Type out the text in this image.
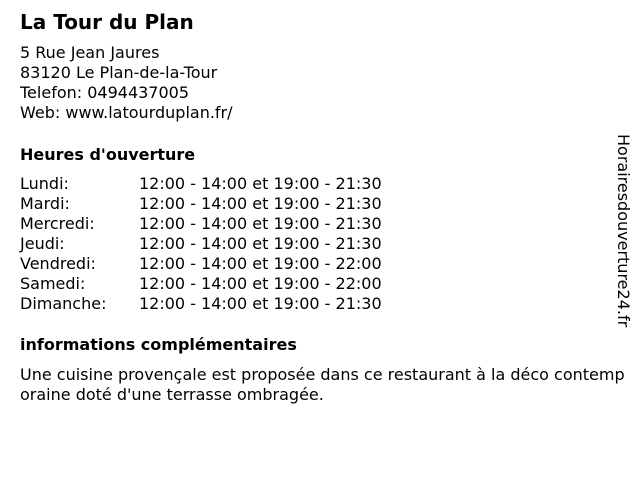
La Tour du Plan
5 Rue Jean Jaures
83120 Le Plan-de-la-Tour
Telefon: 0494437005
Web: www.latourduplan.fr/
Heures d'ouverture
Lundi:	12:00 - 14:00 et 19:00 - 21:30
Mardi:	12:00 - 14:00 et 19:00 - 21:30
Mercredi:	12:00 - 14:00 et 19:00 - 21:30
Jeudi:	12:00 - 14:00 et 19:00 - 21:30
Vendredi:	12:00 - 14:00 et 19:00 - 22:00
Samedi:	12:00 - 14:00 et 19:00 - 22:00
Dimanche:	12:00 - 14:00 et 19:00 - 21:30
informations complémentaires
Une cuisine provençale est proposée dans ce restaurant à la déco contemporaine doté d'une terrasse ombragée.
Horairesdouverture24.fr
